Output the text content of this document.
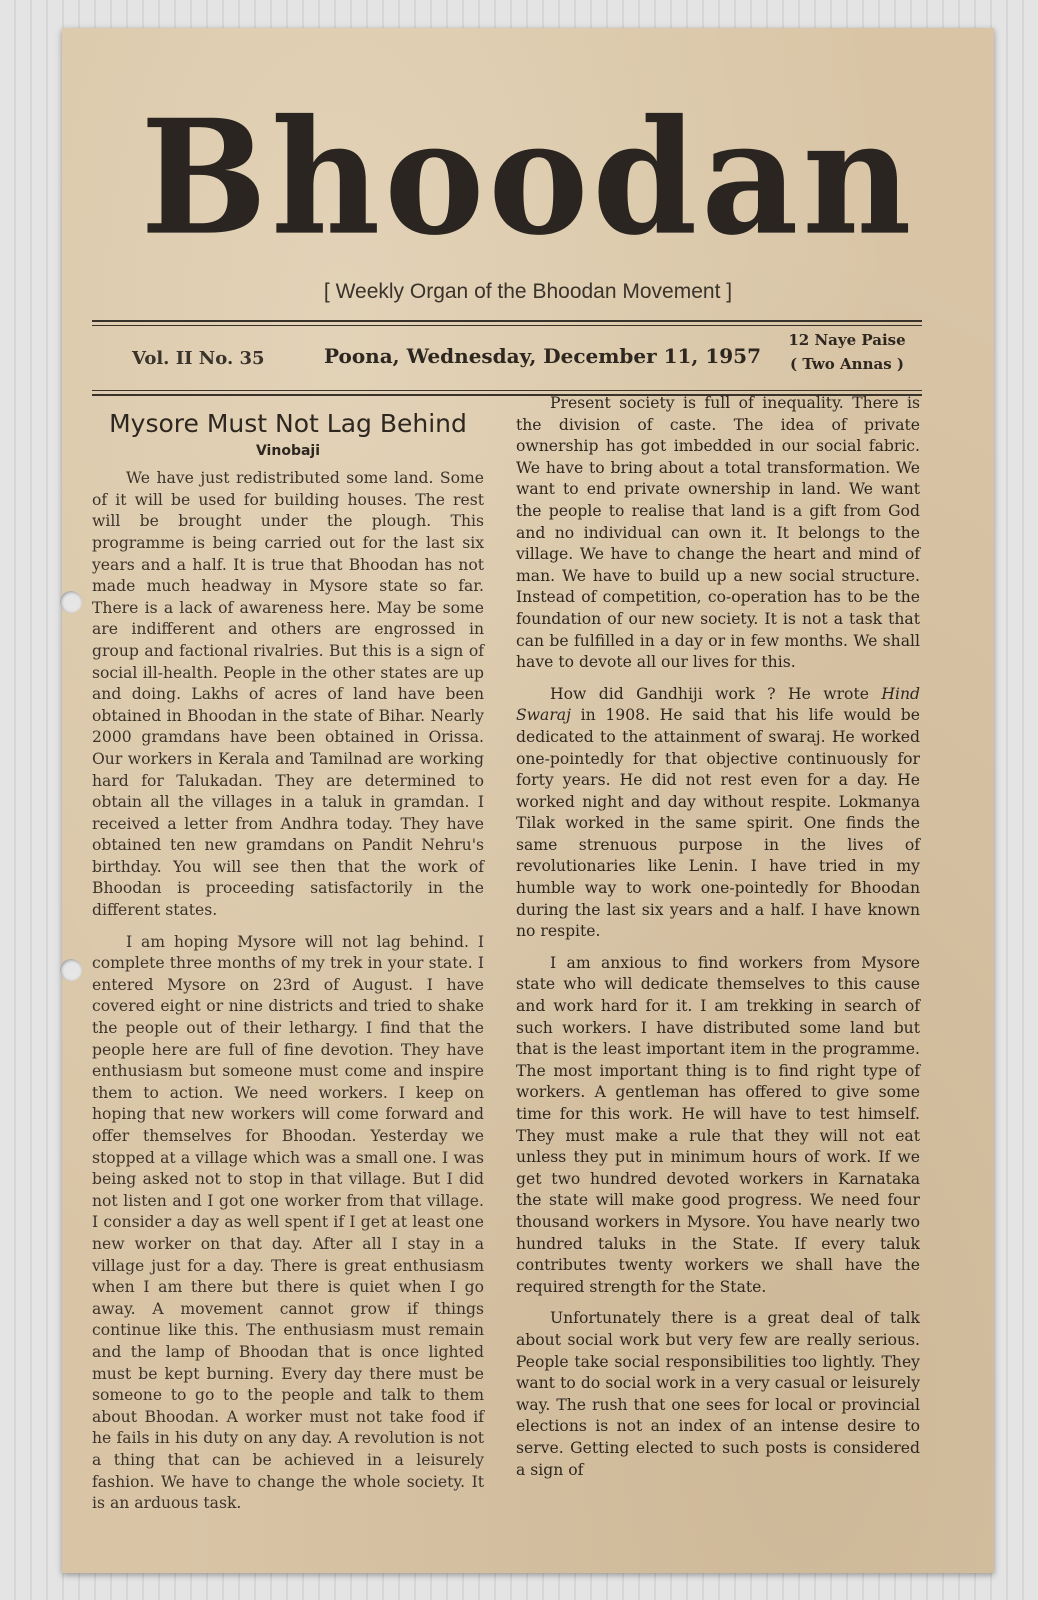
Bhoodan
[ Weekly Organ of the Bhoodan Movement ]
Vol. II No. 35	Poona, Wednesday, December 11, 1957
12 Naye Paise
( Two Annas )
Mysore Must Not Lag Behind
Vinobaji

We have just redistributed some land. Some of it will be used for building houses. The rest will be brought under the plough. This programme is being carried out for the last six years and a half. It is true that Bhoodan has not made much headway in Mysore state so far. There is a lack of awareness here. May be some are indifferent and others are engrossed in group and factional rivalries. But this is a sign of social ill-health. People in the other states are up and doing. Lakhs of acres of land have been obtained in Bhoodan in the state of Bihar. Nearly 2000 gramdans have been obtained in Orissa. Our workers in Kerala and Tamilnad are working hard for Talukadan. They are determined to obtain all the villages in a taluk in gramdan. I received a letter from Andhra today. They have obtained ten new gramdans on Pandit Nehru's birthday. You will see then that the work of Bhoodan is proceeding satisfactorily in the different states.

I am hoping Mysore will not lag behind. I complete three months of my trek in your state. I entered Mysore on 23rd of August. I have covered eight or nine districts and tried to shake the people out of their lethargy. I find that the people here are full of fine devotion. They have enthusiasm but someone must come and inspire them to action. We need workers. I keep on hoping that new workers will come forward and offer themselves for Bhoodan. Yesterday we stopped at a village which was a small one. I was being asked not to stop in that village. But I did not listen and I got one worker from that village. I consider a day as well spent if I get at least one new worker on that day. After all I stay in a village just for a day. There is great enthusiasm when I am there but there is quiet when I go away. A movement cannot grow if things continue like this. The enthusiasm must remain and the lamp of Bhoodan that is once lighted must be kept burning. Every day there must be someone to go to the people and talk to them about Bhoodan. A worker must not take food if he fails in his duty on any day. A revolution is not a thing that can be achieved in a leisurely fashion. We have to change the whole society. It is an arduous task.

Present society is full of inequality. There is the division of caste. The idea of private ownership has got imbedded in our social fabric. We have to bring about a total transformation. We want to end private ownership in land. We want the people to realise that land is a gift from God and no individual can own it. It belongs to the village. We have to change the heart and mind of man. We have to build up a new social structure. Instead of competition, co-operation has to be the foundation of our new society. It is not a task that can be fulfilled in a day or in few months. We shall have to devote all our lives for this.

How did Gandhiji work ? He wrote Hind Swaraj in 1908. He said that his life would be dedicated to the attainment of swaraj. He worked one-pointedly for that objective continuously for forty years. He did not rest even for a day. He worked night and day without respite. Lokmanya Tilak worked in the same spirit. One finds the same strenuous purpose in the lives of revolutionaries like Lenin. I have tried in my humble way to work one-pointedly for Bhoodan during the last six years and a half. I have known no respite.

I am anxious to find workers from Mysore state who will dedicate themselves to this cause and work hard for it. I am trekking in search of such workers. I have distributed some land but that is the least important item in the programme. The most important thing is to find right type of workers. A gentleman has offered to give some time for this work. He will have to test himself. They must make a rule that they will not eat unless they put in minimum hours of work. If we get two hundred devoted workers in Karnataka the state will make good progress. We need four thousand workers in Mysore. You have nearly two hundred taluks in the State. If every taluk contributes twenty workers we shall have the required strength for the State.

Unfortunately there is a great deal of talk about social work but very few are really serious. People take social responsibilities too lightly. They want to do social work in a very casual or leisurely way. The rush that one sees for local or provincial elections is not an index of an intense desire to serve. Getting elected to such posts is considered a sign of
